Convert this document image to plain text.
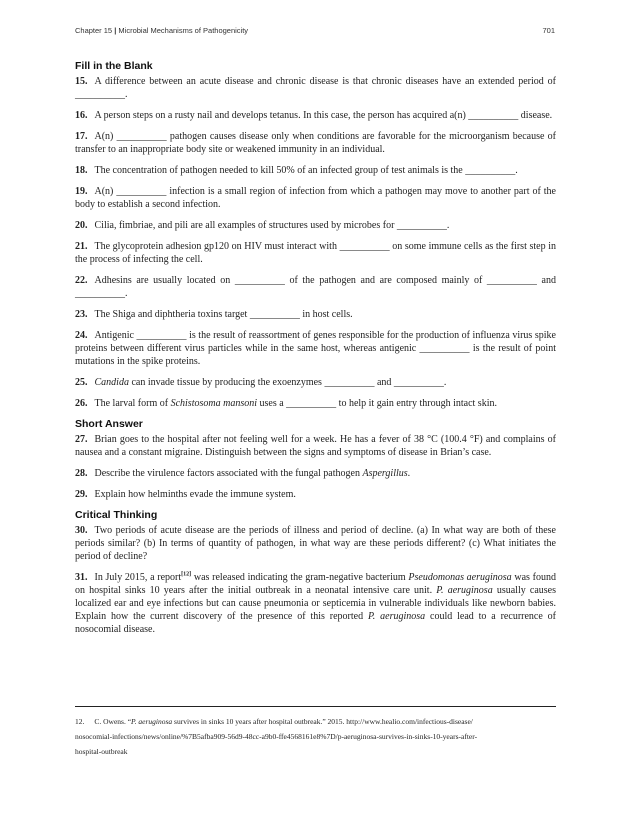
Chapter 15 | Microbial Mechanisms of Pathogenicity	701
Fill in the Blank

15. A difference between an acute disease and chronic disease is that chronic diseases have an extended period of __________.

16. A person steps on a rusty nail and develops tetanus. In this case, the person has acquired a(n) __________ disease.

17. A(n) __________ pathogen causes disease only when conditions are favorable for the microorganism because of transfer to an inappropriate body site or weakened immunity in an individual.

18. The concentration of pathogen needed to kill 50% of an infected group of test animals is the __________.

19. A(n) __________ infection is a small region of infection from which a pathogen may move to another part of the body to establish a second infection.

20. Cilia, fimbriae, and pili are all examples of structures used by microbes for __________.

21. The glycoprotein adhesion gp120 on HIV must interact with __________ on some immune cells as the first step in the process of infecting the cell.

22. Adhesins are usually located on __________ of the pathogen and are composed mainly of __________ and __________.

23. The Shiga and diphtheria toxins target __________ in host cells.

24. Antigenic __________ is the result of reassortment of genes responsible for the production of influenza virus spike proteins between different virus particles while in the same host, whereas antigenic __________ is the result of point mutations in the spike proteins.

25. Candida can invade tissue by producing the exoenzymes __________ and __________.

26. The larval form of Schistosoma mansoni uses a __________ to help it gain entry through intact skin.

Short Answer

27. Brian goes to the hospital after not feeling well for a week. He has a fever of 38 °C (100.4 °F) and complains of nausea and a constant migraine. Distinguish between the signs and symptoms of disease in Brian’s case.

28. Describe the virulence factors associated with the fungal pathogen Aspergillus.

29. Explain how helminths evade the immune system.

Critical Thinking

30. Two periods of acute disease are the periods of illness and period of decline. (a) In what way are both of these periods similar? (b) In terms of quantity of pathogen, in what way are these periods different? (c) What initiates the period of decline?

31. In July 2015, a report[12] was released indicating the gram-negative bacterium Pseudomonas aeruginosa was found on hospital sinks 10 years after the initial outbreak in a neonatal intensive care unit. P. aeruginosa usually causes localized ear and eye infections but can cause pneumonia or septicemia in vulnerable individuals like newborn babies. Explain how the current discovery of the presence of this reported P. aeruginosa could lead to a recurrence of nosocomial disease.

12. C. Owens. “P. aeruginosa survives in sinks 10 years after hospital outbreak.” 2015. http://www.healio.com/infectious-disease/
nosocomial-infections/news/online/%7B5afba909-56d9-48cc-a9b0-ffe4568161e8%7D/p-aeruginosa-survives-in-sinks-10-years-after-
hospital-outbreak
